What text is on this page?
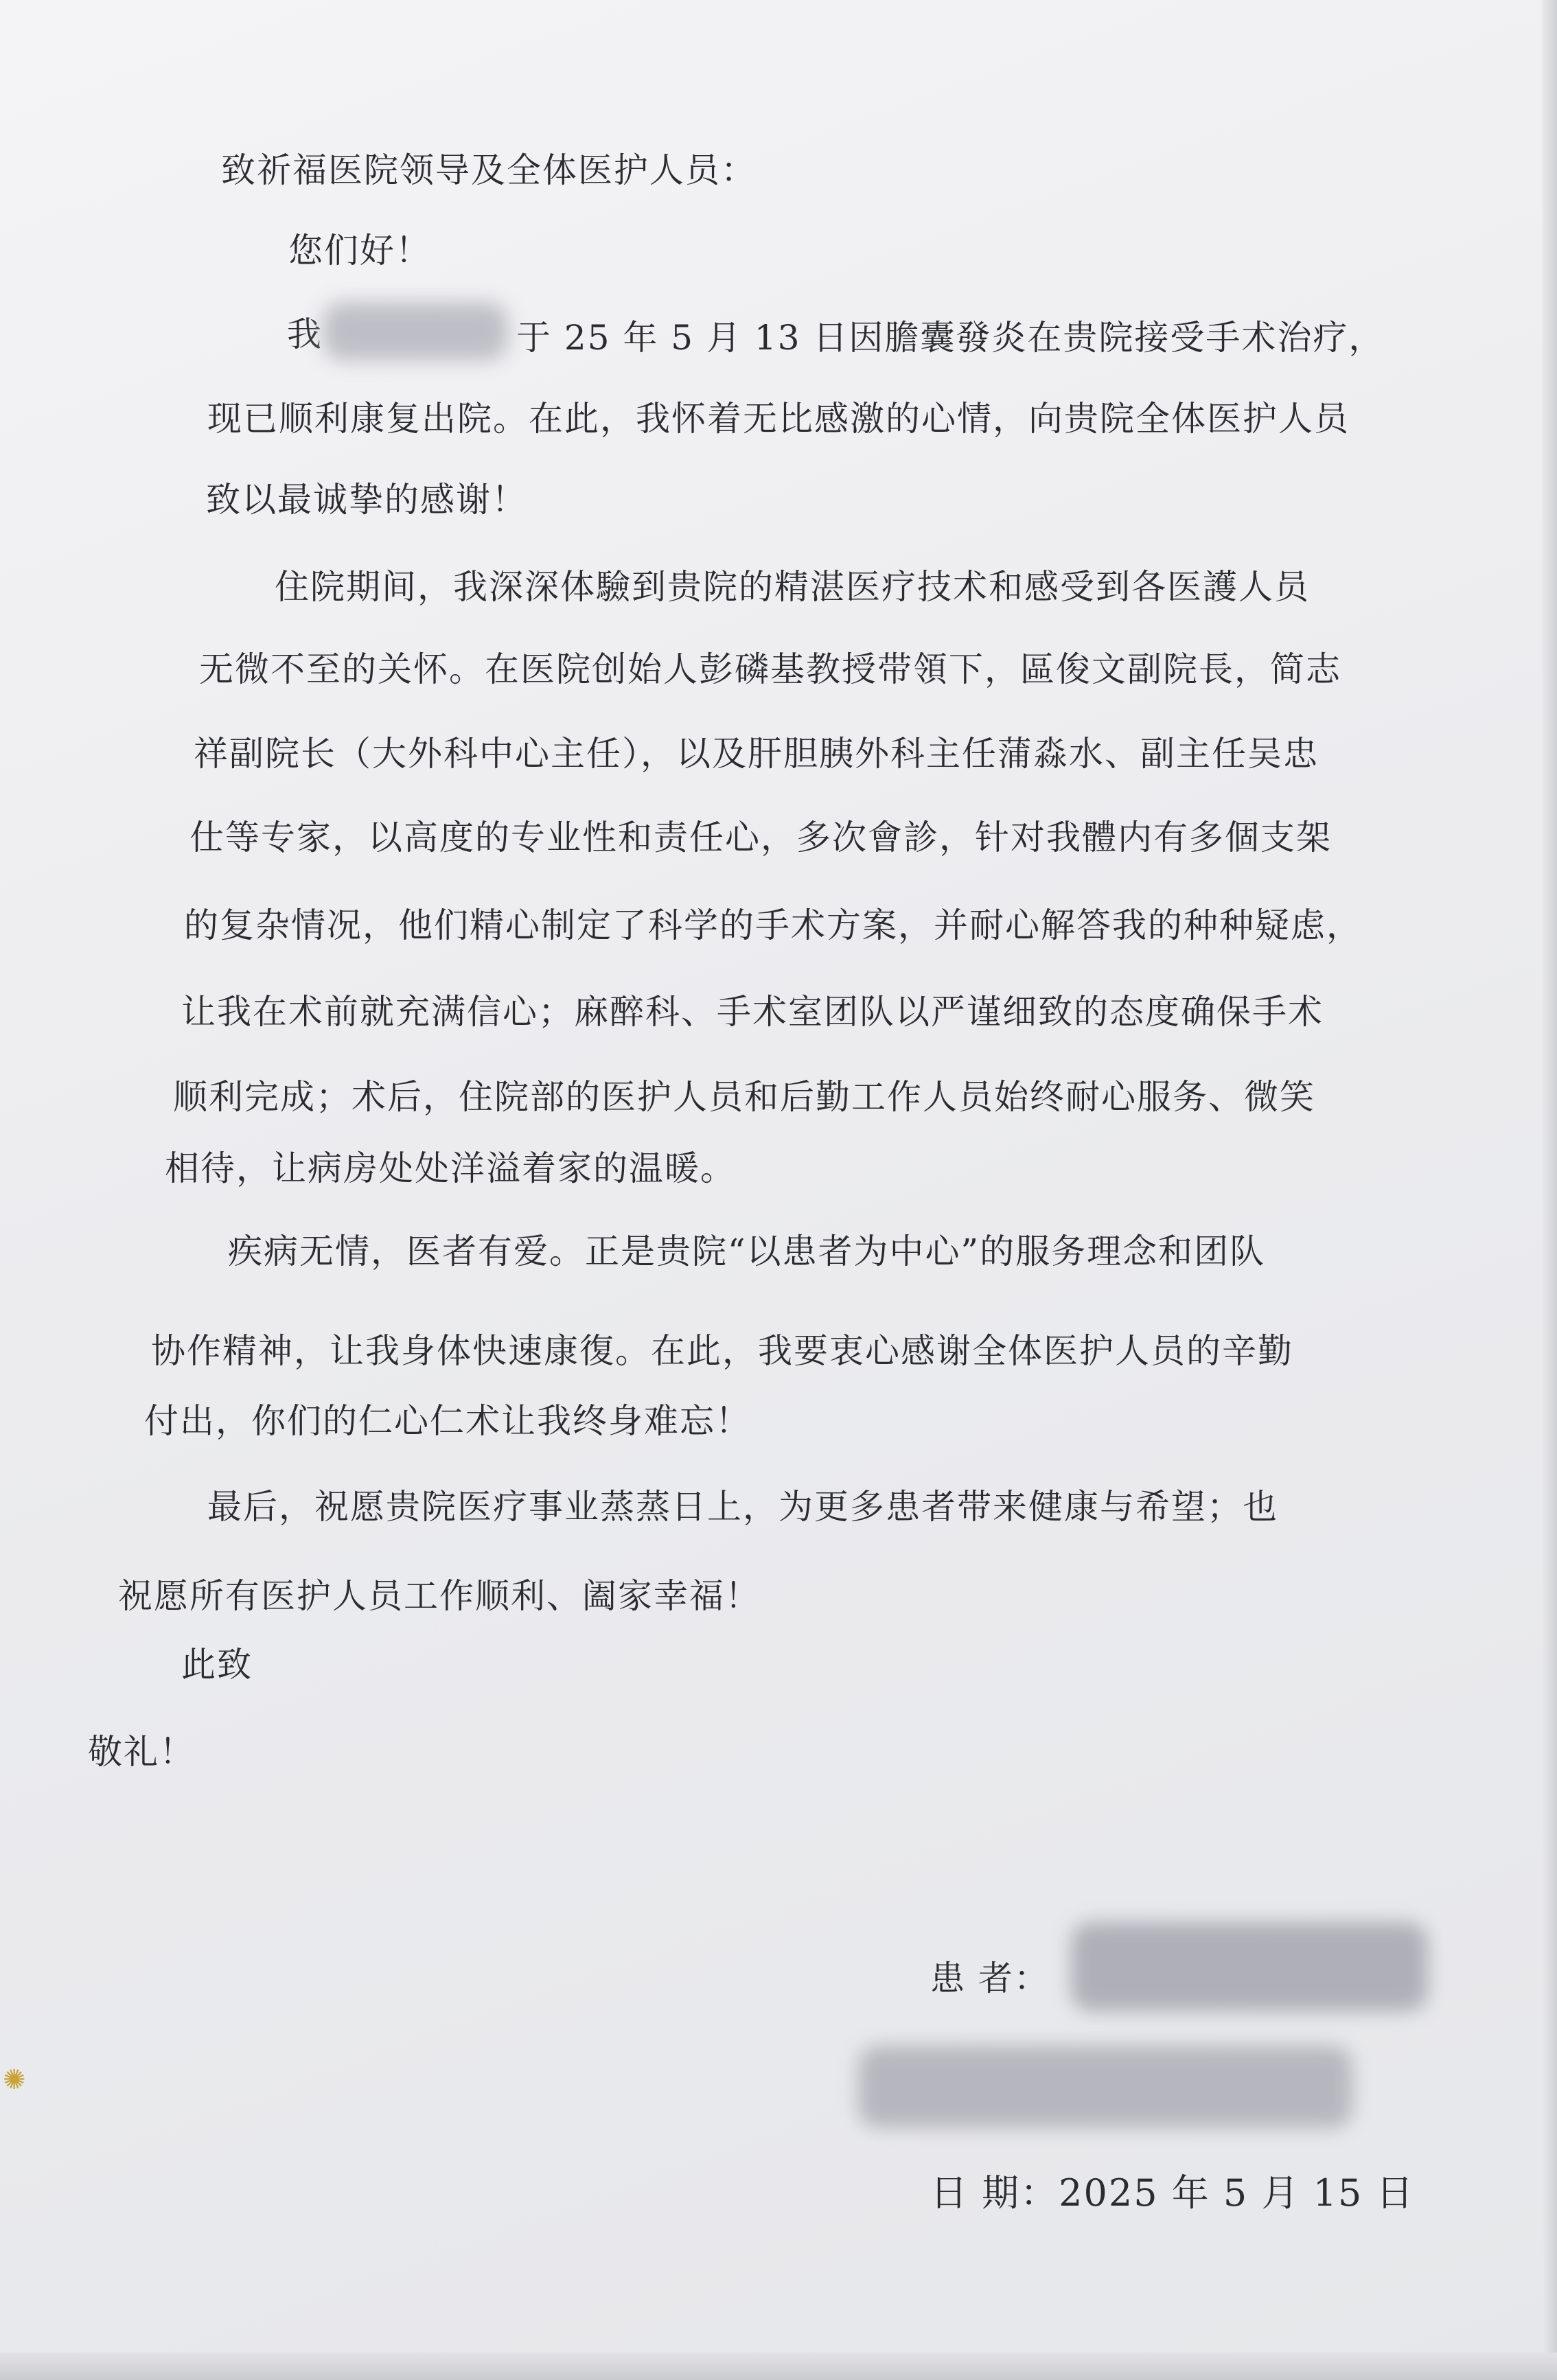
致祈福医院领导及全体医护人员：
您们好！
我	于 25 年 5 月 13 日因膽囊發炎在贵院接受手术治疗，
现已顺利康复出院。在此，我怀着无比感激的心情，向贵院全体医护人员
致以最诚挚的感谢！
住院期间，我深深体驗到贵院的精湛医疗技术和感受到各医護人员
无微不至的关怀。在医院创始人彭磷基教授带領下，區俊文副院長，简志
祥副院长（大外科中心主任），以及肝胆胰外科主任蒲淼水、副主任吴忠
仕等专家，以高度的专业性和责任心，多次會診，针对我體内有多個支架
的复杂情况，他们精心制定了科学的手术方案，并耐心解答我的种种疑虑，
让我在术前就充满信心；麻醉科、手术室团队以严谨细致的态度确保手术
顺利完成；术后，住院部的医护人员和后勤工作人员始终耐心服务、微笑
相待，让病房处处洋溢着家的温暖。
疾病无情，医者有爱。正是贵院“以患者为中心”的服务理念和团队
协作精神，让我身体快速康復。在此，我要衷心感谢全体医护人员的辛勤
付出，你们的仁心仁术让我终身难忘！
最后，祝愿贵院医疗事业蒸蒸日上，为更多患者带来健康与希望；也
祝愿所有医护人员工作顺利、阖家幸福！
此致
敬礼！
患 者：
日 期：2025 年 5 月 15 日
✺
